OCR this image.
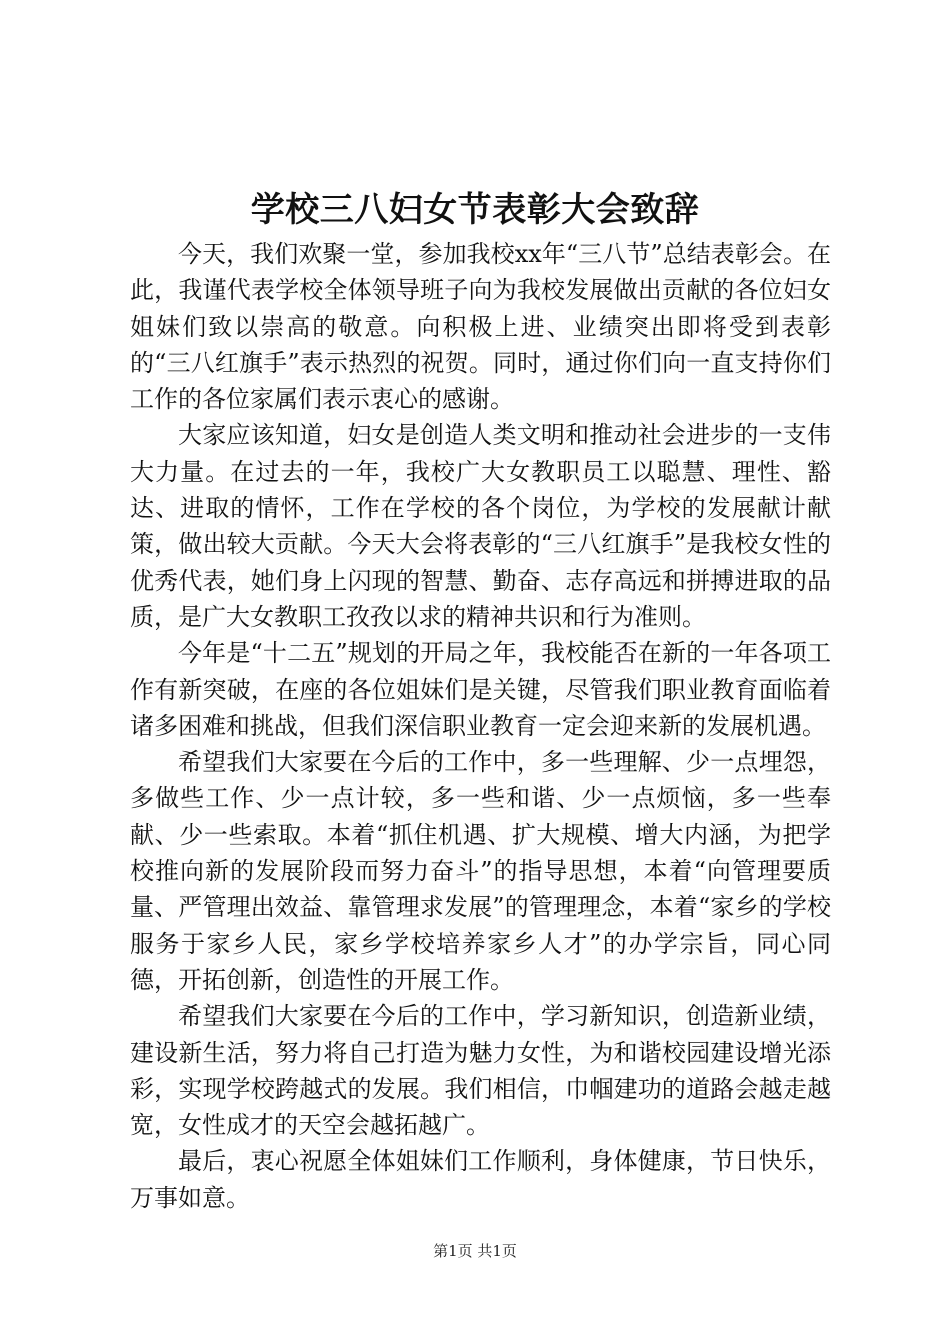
学校三八妇女节表彰大会致辞

今天，我们欢聚一堂，参加我校xx年“三八节”总结表彰会。在此，我谨代表学校全体领导班子向为我校发展做出贡献的各位妇女姐妹们致以崇高的敬意。向积极上进、业绩突出即将受到表彰的“三八红旗手”表示热烈的祝贺。同时，通过你们向一直支持你们工作的各位家属们表示衷心的感谢。

大家应该知道，妇女是创造人类文明和推动社会进步的一支伟大力量。在过去的一年，我校广大女教职员工以聪慧、理性、豁达、进取的情怀，工作在学校的各个岗位，为学校的发展献计献策，做出较大贡献。今天大会将表彰的“三八红旗手”是我校女性的优秀代表，她们身上闪现的智慧、勤奋、志存高远和拼搏进取的品质，是广大女教职工孜孜以求的精神共识和行为准则。

今年是“十二五”规划的开局之年，我校能否在新的一年各项工作有新突破，在座的各位姐妹们是关键，尽管我们职业教育面临着诸多困难和挑战，但我们深信职业教育一定会迎来新的发展机遇。

希望我们大家要在今后的工作中，多一些理解、少一点埋怨，多做些工作、少一点计较，多一些和谐、少一点烦恼，多一些奉献、少一些索取。本着“抓住机遇、扩大规模、增大内涵，为把学校推向新的发展阶段而努力奋斗”的指导思想，本着“向管理要质量、严管理出效益、靠管理求发展”的管理理念，本着“家乡的学校服务于家乡人民，家乡学校培养家乡人才”的办学宗旨，同心同德，开拓创新，创造性的开展工作。

希望我们大家要在今后的工作中，学习新知识，创造新业绩，建设新生活，努力将自己打造为魅力女性，为和谐校园建设增光添彩，实现学校跨越式的发展。我们相信，巾帼建功的道路会越走越宽，女性成才的天空会越拓越广。

最后，衷心祝愿全体姐妹们工作顺利，身体健康，节日快乐，万事如意。

第1页 共1页
